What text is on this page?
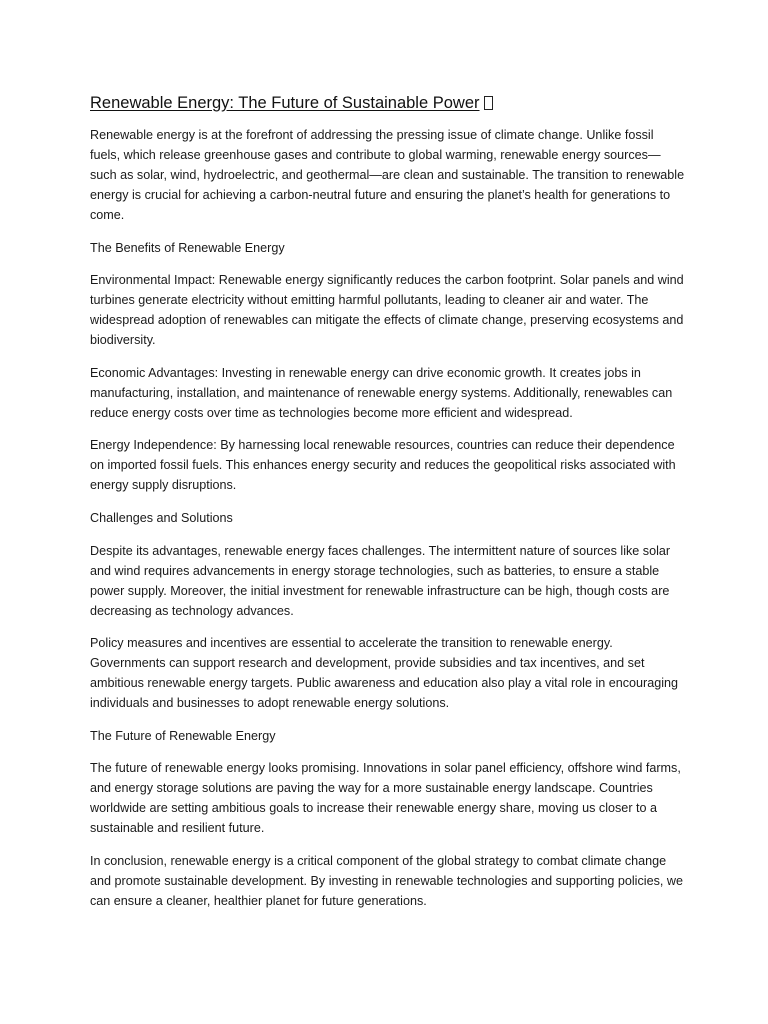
Renewable Energy: The Future of Sustainable Power

Renewable energy is at the forefront of addressing the pressing issue of climate change. Unlike fossil fuels, which release greenhouse gases and contribute to global warming, renewable energy sources—such as solar, wind, hydroelectric, and geothermal—are clean and sustainable. The transition to renewable energy is crucial for achieving a carbon-neutral future and ensuring the planet’s health for generations to come.

The Benefits of Renewable Energy

Environmental Impact: Renewable energy significantly reduces the carbon footprint. Solar panels and wind turbines generate electricity without emitting harmful pollutants, leading to cleaner air and water. The widespread adoption of renewables can mitigate the effects of climate change, preserving ecosystems and biodiversity.

Economic Advantages: Investing in renewable energy can drive economic growth. It creates jobs in manufacturing, installation, and maintenance of renewable energy systems. Additionally, renewables can reduce energy costs over time as technologies become more efficient and widespread.

Energy Independence: By harnessing local renewable resources, countries can reduce their dependence on imported fossil fuels. This enhances energy security and reduces the geopolitical risks associated with energy supply disruptions.

Challenges and Solutions

Despite its advantages, renewable energy faces challenges. The intermittent nature of sources like solar and wind requires advancements in energy storage technologies, such as batteries, to ensure a stable power supply. Moreover, the initial investment for renewable infrastructure can be high, though costs are decreasing as technology advances.

Policy measures and incentives are essential to accelerate the transition to renewable energy. Governments can support research and development, provide subsidies and tax incentives, and set ambitious renewable energy targets. Public awareness and education also play a vital role in encouraging individuals and businesses to adopt renewable energy solutions.

The Future of Renewable Energy

The future of renewable energy looks promising. Innovations in solar panel efficiency, offshore wind farms, and energy storage solutions are paving the way for a more sustainable energy landscape. Countries worldwide are setting ambitious goals to increase their renewable energy share, moving us closer to a sustainable and resilient future.

In conclusion, renewable energy is a critical component of the global strategy to combat climate change and promote sustainable development. By investing in renewable technologies and supporting policies, we can ensure a cleaner, healthier planet for future generations.
